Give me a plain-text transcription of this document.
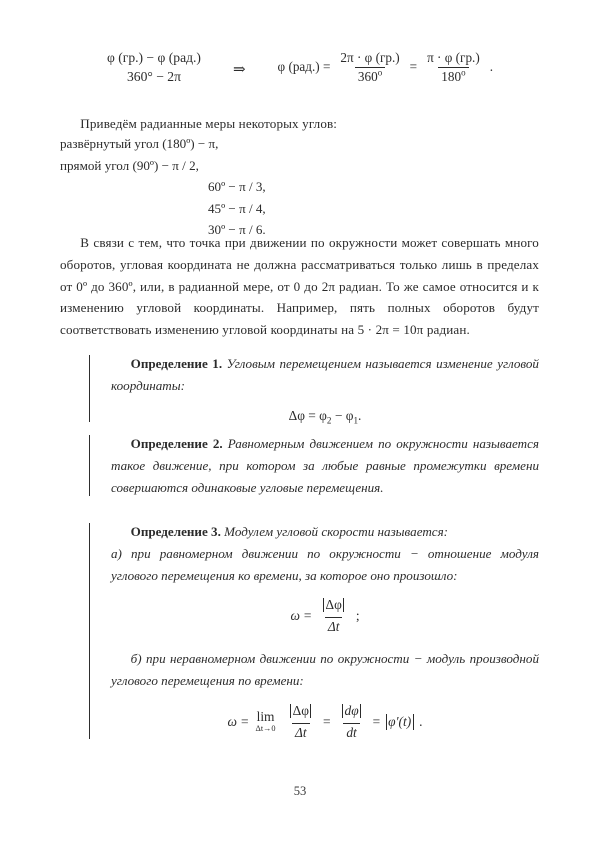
φ (гр.) − φ (рад.)
360° − 2π	⇒ φ $(рад.) = \frac{2\pi \cdot \varphi (гр.)}{360^o} = \frac{\pi \cdot \varphi (гр.)}{180^o}$ .
Приведём радианные меры некоторых углов:
развёрнутый угол (180º) − π,
прямой угол (90º) − π / 2,
60º − π / 3,
45º − π / 4,
30º − π / 6.
В связи с тем, что точка при движении по окружности может совершать много оборотов, угловая координата не должна рассматриваться только лишь в пределах от 0º до 360º, или, в радианной мере, от 0 до 2π радиан. То же самое относится и к изменению угловой координаты. Например, пять полных оборотов будут соответствовать изменению угловой координаты на 5 · 2π = 10π радиан.
Определение 1. Угловым перемещением называется изменение угловой координаты:
$\Delta\varphi = \varphi_2 - \varphi_1$.
Определение 2. Равномерным движением по окружности называется такое движение, при котором за любые равные промежутки времени совершаются одинаковые угловые перемещения.
Определение 3. Модулем угловой скорости называется:
а) при равномерном движении по окружности − отношение модуля углового перемещения ко времени, за которое оно произошло:
$\omega = \frac{\Delta\varphi}{\Delta t}$ ;
б) при неравномерном движении по окружности − модуль производной углового перемещения по времени:
ω = lim
$\Delta t\to 0 \frac{\Delta\varphi}{\Delta t} = \frac{d\varphi}{dt} = \varphi'(t)$ .
53
